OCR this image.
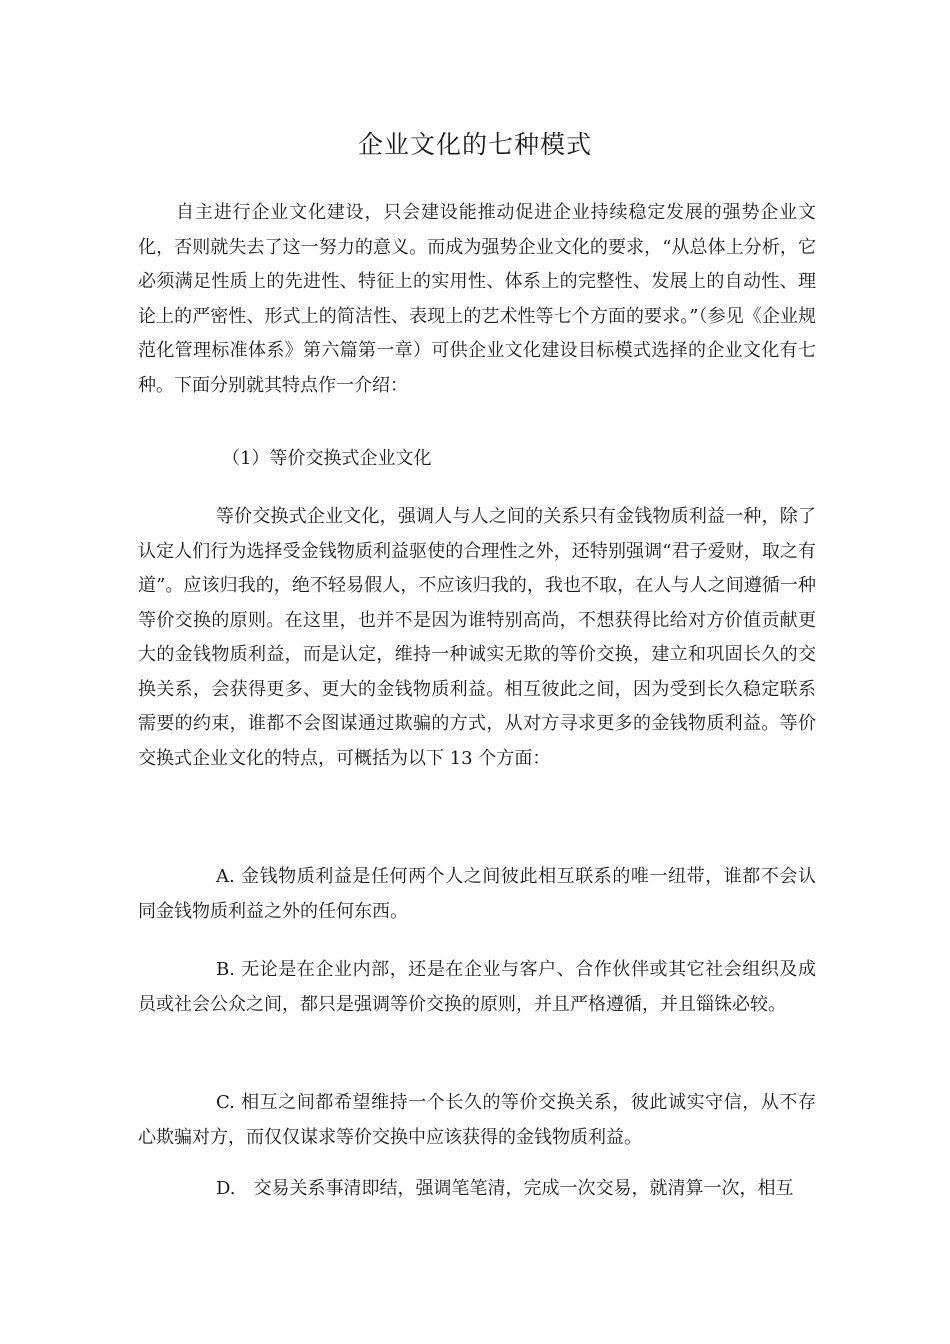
企业文化的七种模式

自主进行企业文化建设，只会建设能推动促进企业持续稳定发展的强势企业文化，否则就失去了这一努力的意义。而成为强势企业文化的要求，“从总体上分析，它必须满足性质上的先进性、特征上的实用性、体系上的完整性、发展上的自动性、理论上的严密性、形式上的简洁性、表现上的艺术性等七个方面的要求。”（参见《企业规范化管理标准体系》第六篇第一章）可供企业文化建设目标模式选择的企业文化有七种。下面分别就其特点作一介绍：

（1）等价交换式企业文化

等价交换式企业文化，强调人与人之间的关系只有金钱物质利益一种，除了认定人们行为选择受金钱物质利益驱使的合理性之外，还特别强调“君子爱财，取之有道”。应该归我的，绝不轻易假人，不应该归我的，我也不取，在人与人之间遵循一种等价交换的原则。在这里，也并不是因为谁特别高尚，不想获得比给对方价值贡献更大的金钱物质利益，而是认定，维持一种诚实无欺的等价交换，建立和巩固长久的交换关系，会获得更多、更大的金钱物质利益。相互彼此之间，因为受到长久稳定联系需要的约束，谁都不会图谋通过欺骗的方式，从对方寻求更多的金钱物质利益。等价交换式企业文化的特点，可概括为以下 13 个方面：

A. 金钱物质利益是任何两个人之间彼此相互联系的唯一纽带，谁都不会认同金钱物质利益之外的任何东西。

B. 无论是在企业内部，还是在企业与客户、合作伙伴或其它社会组织及成员或社会公众之间，都只是强调等价交换的原则，并且严格遵循，并且锱铢必较。

C. 相互之间都希望维持一个长久的等价交换关系，彼此诚实守信，从不存心欺骗对方，而仅仅谋求等价交换中应该获得的金钱物质利益。

D. 交易关系事清即结，强调笔笔清，完成一次交易，就清算一次，相互
